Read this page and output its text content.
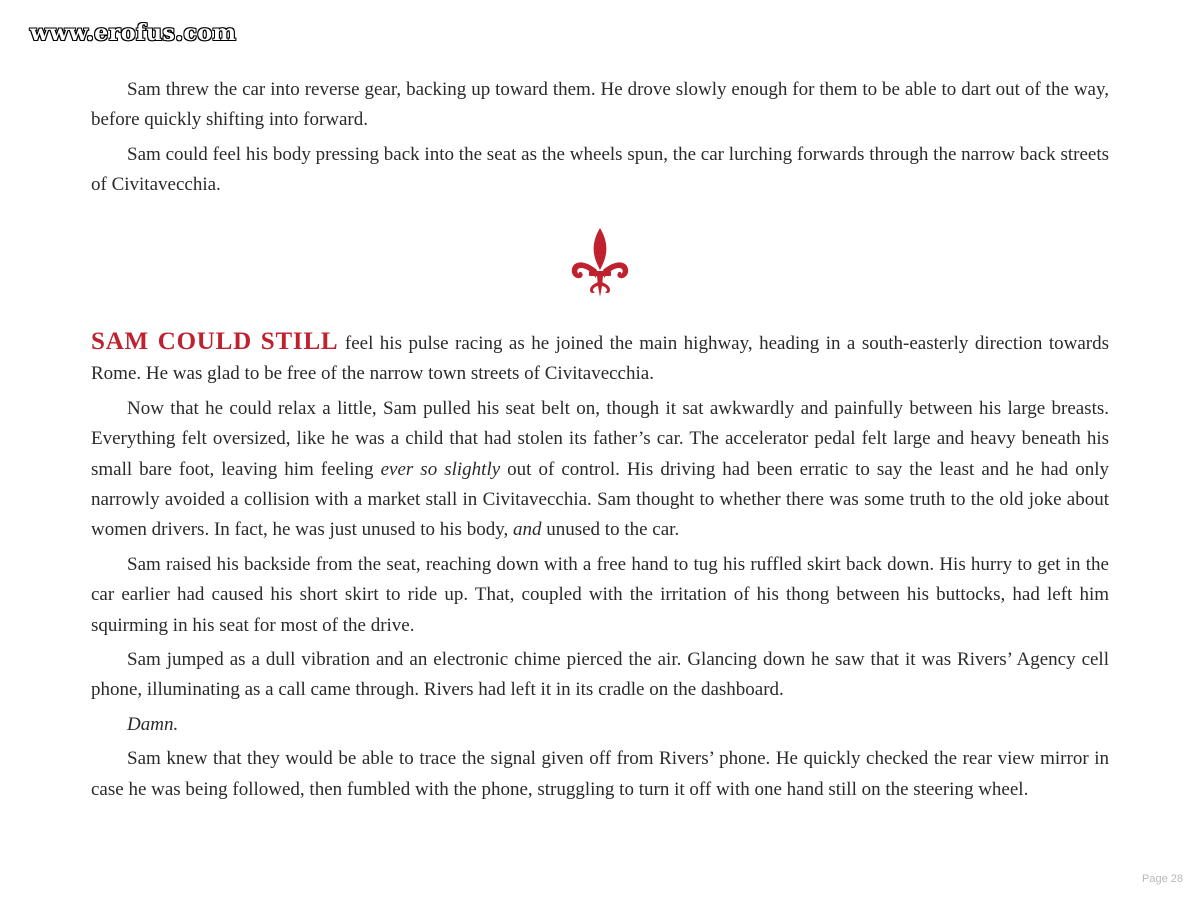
www.erofus.com

Sam threw the car into reverse gear, backing up toward them. He drove slowly enough for them to be able to dart out of the way, before quickly shifting into forward.

Sam could feel his body pressing back into the seat as the wheels spun, the car lurching forwards through the narrow back streets of Civitavecchia.

SAM COULD STILL feel his pulse racing as he joined the main highway, heading in a south-easterly direction towards Rome. He was glad to be free of the narrow town streets of Civitavecchia.

Now that he could relax a little, Sam pulled his seat belt on, though it sat awkwardly and painfully between his large breasts. Everything felt oversized, like he was a child that had stolen its father’s car. The accelerator pedal felt large and heavy beneath his small bare foot, leaving him feeling ever so slightly out of control. His driving had been erratic to say the least and he had only narrowly avoided a collision with a market stall in Civitavecchia. Sam thought to whether there was some truth to the old joke about women drivers. In fact, he was just unused to his body, and unused to the car.

Sam raised his backside from the seat, reaching down with a free hand to tug his ruffled skirt back down. His hurry to get in the car earlier had caused his short skirt to ride up. That, coupled with the irritation of his thong between his buttocks, had left him squirming in his seat for most of the drive.

Sam jumped as a dull vibration and an electronic chime pierced the air. Glancing down he saw that it was Rivers’ Agency cell phone, illuminating as a call came through. Rivers had left it in its cradle on the dashboard.

Damn.

Sam knew that they would be able to trace the signal given off from Rivers’ phone. He quickly checked the rear view mirror in case he was being followed, then fumbled with the phone, struggling to turn it off with one hand still on the steering wheel.

Page 28
